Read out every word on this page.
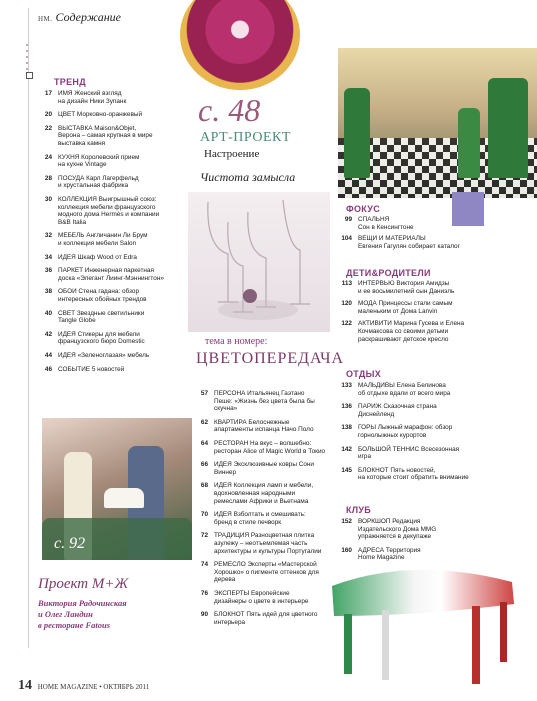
HM. Содержание
ТРЕНД
17 ИМЯ Женский взгляд
на дизайн Ники Зупанк
20 ЦВЕТ Морковно-оранжевый
22 ВЫСТАВКА Maison&Objet,
Верона – самая крупная в мире
выставка камня
24 КУХНЯ Королевский прием
на кухне Vintage
28 ПОСУДА Карл Лагерфельд
и хрустальная фабрика
30 КОЛЛЕКЦИЯ Выигрышный союз:
коллекция мебели французского
модного дома Hermès и компании
B&B Italia
32 МЕБЕЛЬ Англичанин Ли Брум
и коллекция мебели Salon
34 ИДЕЯ Шкаф Wood от Edra
36 ПАРКЕТ Инженерная паркетная
доска «Элегант Лиинг-Мэннингтон»
38 ОБОИ Стена гадана: обзор
интересных обойных трендов
40 СВЕТ Звездные светильники
Tangle Globe
42 ИДЕЯ Стикеры для мебели
французского бюро Domestic
44 ИДЕЯ «Зеленоглазая» мебель
46 СОБЫТИЕ 5 новостей
с. 48
АРТ-ПРОЕКТ
Настроение
Чистота замысла
тема в номере:
ЦВЕТОПЕРЕДАЧА
57 ПЕРСОНА Итальянец Гаэтано
Пеше: «Жизнь без цвета была бы
скучна»
62 КВАРТИРА Белоснежные
апартаменты испанца Начо Поло
64 РЕСТОРАН На вкус – волшебно:
ресторан Alice of Magic World в Токио
66 ИДЕЯ Эксклюзивные ковры Сони
Виннер
68 ИДЕЯ Коллекция ламп и мебели,
вдохновленная народными
ремеслами Африки и Вьетнама
70 ИДЕЯ Взболтать и смешивать:
бренд в стиле печворк
72 ТРАДИЦИЯ Разноцветная плитка
азулежу – неотъемлемая часть
архитектуры и культуры Португалии
74 РЕМЕСЛО Эксперты «Мастерской
Хорошко» о пигменте оттенков для
дерева
76 ЭКСПЕРТЫ Европейские
дизайнеры о цвете в интерьере
90 БЛОКНОТ Пять идей для цветного
интерьера
ФОКУС
99 СПАЛЬНЯ
Сон в Кенсингтоне
104 ВЕЩИ И МАТЕРИАЛЫ
Евгения Гагулян собирает каталог
ДЕТИ&РОДИТЕЛИ
113 ИНТЕРВЬЮ Виктория Амидзы
и ее восьмилетний сын Даниэль
120 МОДА Принцессы стали самым
маленьким от Дома Lanvin
122 АКТИВИТИ Марина Гусева и Елена
Кочмаксова со своими детьми
раскрашивают детское кресло
ОТДЫХ
133 МАЛЬДИВЫ Елена Белинова
об отдыхе вдали от всего мира
136 ПАРИЖ Сказочная страна
Диснейленд
138 ГОРЫ Лыжный марафон: обзор
горнолыжных курортов
142 БОЛЬШОЙ ТЕННИС Всесезонная
игра
145 БЛОКНОТ Пять новостей,
на которые стоит обратить внимание
КЛУБ
152 ВОРКШОП Редакция
Издательского Дома MMG
упражняется в декупаже
160 АДРЕСА Территория
Home Magazine
с. 92
Проект М+Ж
Виктория Радочинская
и Олег Ландин
в ресторане Fatous
14 HOME MAGAZINE • ОКТЯБРЬ 2011
